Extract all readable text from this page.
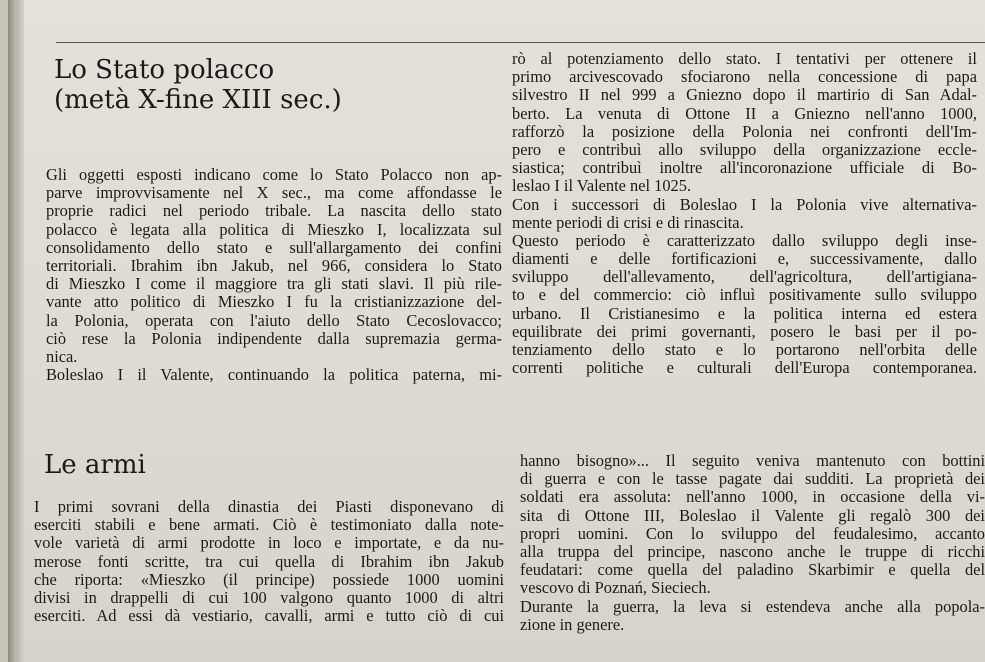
Lo Stato polacco
(metà X-fine XIII sec.)
Gli oggetti esposti indicano come lo Stato Polacco non ap-
parve improvvisamente nel X sec., ma come affondasse le
proprie radici nel periodo tribale. La nascita dello stato
polacco è legata alla politica di Mieszko I, localizzata sul
consolidamento dello stato e sull'allargamento dei confini
territoriali. Ibrahim ibn Jakub, nel 966, considera lo Stato
di Mieszko I come il maggiore tra gli stati slavi. Il più rile-
vante atto politico di Mieszko I fu la cristianizzazione del-
la Polonia, operata con l'aiuto dello Stato Cecoslovacco;
ciò rese la Polonia indipendente dalla supremazia germa-
nica.
Boleslao I il Valente, continuando la politica paterna, mi-
rò al potenziamento dello stato. I tentativi per ottenere il
primo arcivescovado sfociarono nella concessione di papa
silvestro II nel 999 a Gniezno dopo il martirio di San Adal-
berto. La venuta di Ottone II a Gniezno nell'anno 1000,
rafforzò la posizione della Polonia nei confronti dell'Im-
pero e contribuì allo sviluppo della organizzazione eccle-
siastica; contribuì inoltre all'incoronazione ufficiale di Bo-
leslao I il Valente nel 1025.
Con i successori di Boleslao I la Polonia vive alternativa-
mente periodi di crisi e di rinascita.
Questo periodo è caratterizzato dallo sviluppo degli inse-
diamenti e delle fortificazioni e, successivamente, dallo
sviluppo dell'allevamento, dell'agricoltura, dell'artigiana-
to e del commercio: ciò influì positivamente sullo sviluppo
urbano. Il Cristianesimo e la politica interna ed estera
equilibrate dei primi governanti, posero le basi per il po-
tenziamento dello stato e lo portarono nell'orbita delle
correnti politiche e culturali dell'Europa contemporanea.
Le armi
I primi sovrani della dinastia dei Piasti disponevano di
eserciti stabili e bene armati. Ciò è testimoniato dalla note-
vole varietà di armi prodotte in loco e importate, e da nu-
merose fonti scritte, tra cui quella di Ibrahim ibn Jakub
che riporta: «Mieszko (il principe) possiede 1000 uomini
divisi in drappelli di cui 100 valgono quanto 1000 di altri
eserciti. Ad essi dà vestiario, cavalli, armi e tutto ciò di cui
hanno bisogno»... Il seguito veniva mantenuto con bottini
di guerra e con le tasse pagate dai sudditi. La proprietà dei
soldati era assoluta: nell'anno 1000, in occasione della vi-
sita di Ottone III, Boleslao il Valente gli regalò 300 dei
propri uomini. Con lo sviluppo del feudalesimo, accanto
alla truppa del principe, nascono anche le truppe di ricchi
feudatari: come quella del paladino Skarbimir e quella del
vescovo di Poznań, Sieciech.
Durante la guerra, la leva si estendeva anche alla popola-
zione in genere.
